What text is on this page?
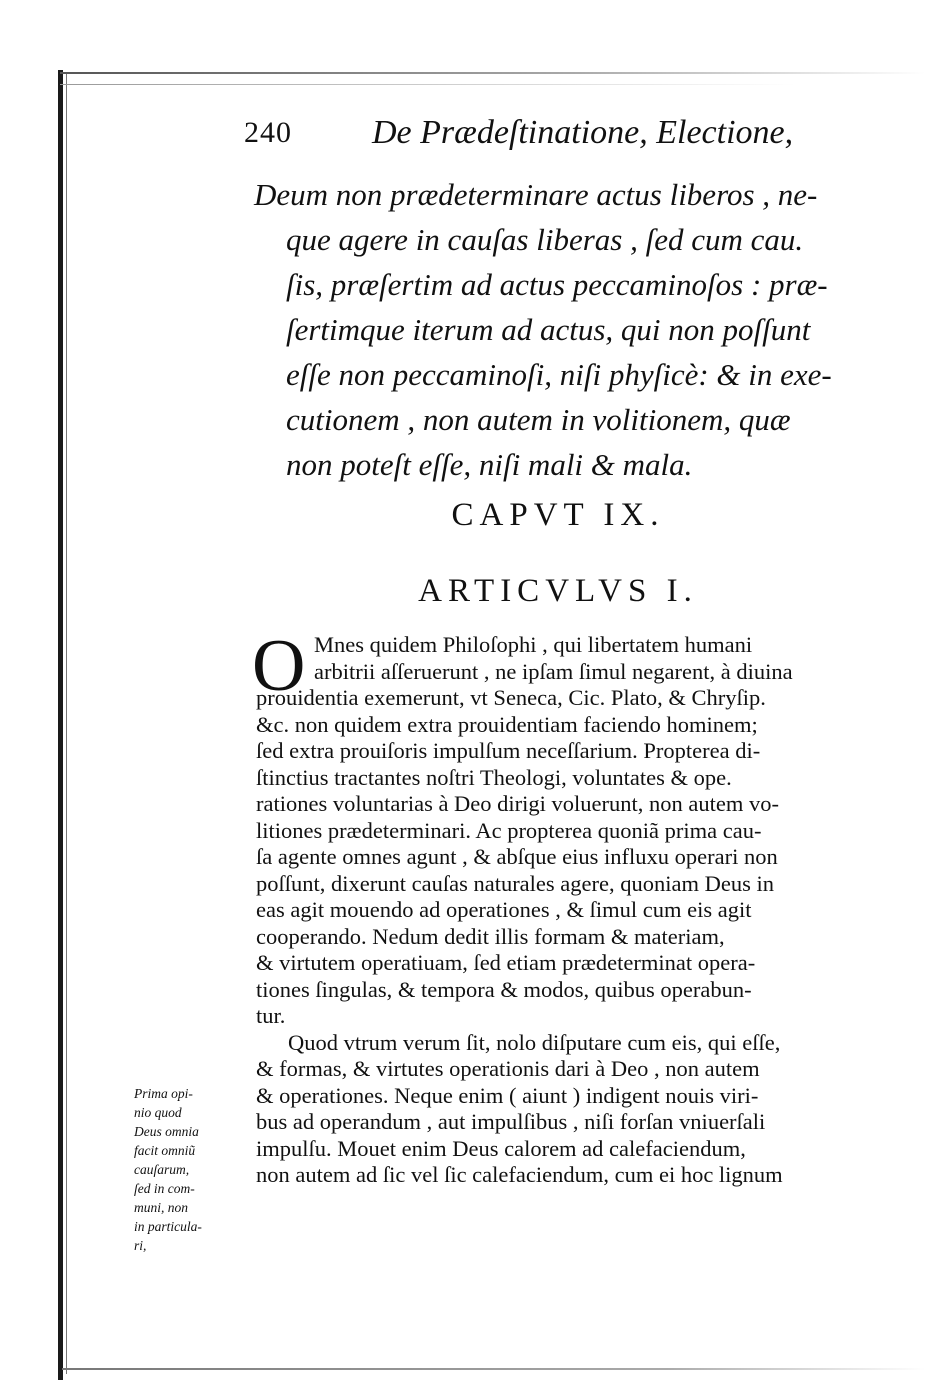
240 De Prædeſtinatione, Electione,
Deum non prædeterminare actus liberos , ne-
que agere in cauſas liberas , ſed cum cau.
ſis, præſertim ad actus peccaminoſos : præ-
ſertimque iterum ad actus, qui non poſſunt
eſſe non peccaminoſi, niſi phyſicè: & in exe-
cutionem , non autem in volitionem, quæ
non poteſt eſſe, niſi mali & mala.
CAPVT IX.
ARTICVLVS I.
O Mnes quidem Philoſophi , qui libertatem humani
arbitrii aſſeruerunt , ne ipſam ſimul negarent, à diuina
prouidentia exemerunt, vt Seneca, Cic. Plato, & Chryſip.
&c. non quidem extra prouidentiam faciendo hominem;
ſed extra prouiſoris impulſum neceſſarium. Propterea di-
ſtinctius tractantes noſtri Theologi, voluntates & ope.
rationes voluntarias à Deo dirigi voluerunt, non autem vo-
litiones prædeterminari. Ac propterea quoniã prima cau-
ſa agente omnes agunt , & abſque eius influxu operari non
poſſunt, dixerunt cauſas naturales agere, quoniam Deus in
eas agit mouendo ad operationes , & ſimul cum eis agit
cooperando. Nedum dedit illis formam & materiam,
& virtutem operatiuam, ſed etiam prædeterminat opera-
tiones ſingulas, & tempora & modos, quibus operabun-
tur.
Quod vtrum verum ſit, nolo diſputare cum eis, qui eſſe,
& formas, & virtutes operationis dari à Deo , non autem
& operationes. Neque enim ( aiunt ) indigent nouis viri-
bus ad operandum , aut impulſibus , niſi forſan vniuerſali
impulſu. Mouet enim Deus calorem ad calefaciendum,
non autem ad ſic vel ſic calefaciendum, cum ei hoc lignum
Prima opi-
nio quod
Deus omnia
facit omniũ
cauſarum,
ſed in com-
muni, non
in particula-
ri,
